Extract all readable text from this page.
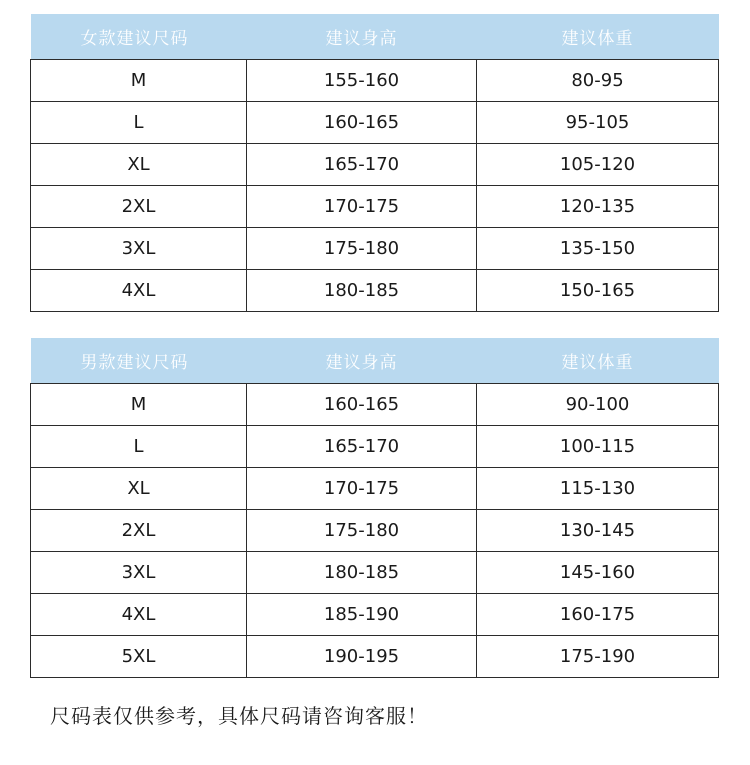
女款建议尺码	建议身高	建议体重
M	155-160	80-95
L	160-165	95-105
XL	165-170	105-120
2XL	170-175	120-135
3XL	175-180	135-150
4XL	180-185	150-165
男款建议尺码	建议身高	建议体重
M	160-165	90-100
L	165-170	100-115
XL	170-175	115-130
2XL	175-180	130-145
3XL	180-185	145-160
4XL	185-190	160-175
5XL	190-195	175-190

尺码表仅供参考，具体尺码请咨询客服！
